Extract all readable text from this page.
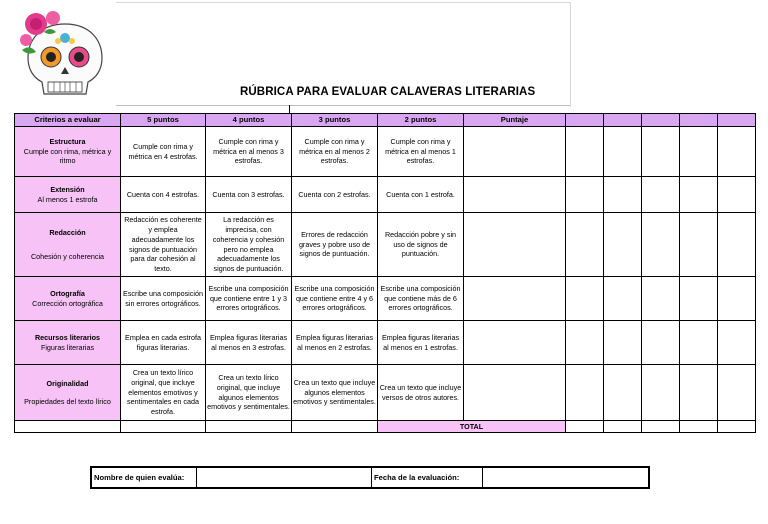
RÚBRICA PARA EVALUAR CALAVERAS LITERARIAS
Criterios a evaluar	5 puntos	4 puntos	3 puntos	2 puntos	Puntaje					

Estructura
Cumple con rima, métrica y ritmo	Cumple con rima y métrica en 4 estrofas.	Cumple con rima y métrica en al menos 3 estrofas.	Cumple con rima y métrica en al menos 2 estrofas.	Cumple con rima y métrica en al menos 1 estrofas.						

Extensión
Al menos 1 estrofa	Cuenta con 4 estrofas.	Cuenta con 3 estrofas.	Cuenta con 2 estrofas.	Cuenta con 1 estrofa.						

Redacción
Cohesión y coherencia	Redacción es coherente y emplea adecuadamente los signos de puntuación para dar cohesión al texto.	La redacción es imprecisa, con coherencia y cohesión pero no emplea adecuadamente los signos de puntuación.	Errores de redacción graves y pobre uso de signos de puntuación.	Redacción pobre y sin uso de signos de puntuación.						

Ortografía
Corrección ortográfica	Escribe una composición sin errores ortográficos.	Escribe una composición que contiene entre 1 y 3 errores ortográficos.	Escribe una composición que contiene entre 4 y 6 errores ortográficos.	Escribe una composición que contiene más de 6 errores ortográficos.						

Recursos literarios
Figuras literarias	Emplea en cada estrofa figuras literarias.	Emplea figuras literarias al menos en 3 estrofas.	Emplea figuras literarias al menos en 2 estrofas.	Emplea figuras literarias al menos en 1 estrofas.						

Originalidad
Propiedades del texto lírico	Crea un texto lírico original, que incluye elementos emotivos y sentimentales en cada estrofa.	Crea un texto lírico original, que incluye algunos elementos emotivos y sentimentales.	Crea un texto que incluye algunos elementos emotivos y sentimentales.	Crea un texto que incluye versos de otros autores.						
				TOTAL						
Nombre de quien evalúa:	Fecha de la evaluación:
